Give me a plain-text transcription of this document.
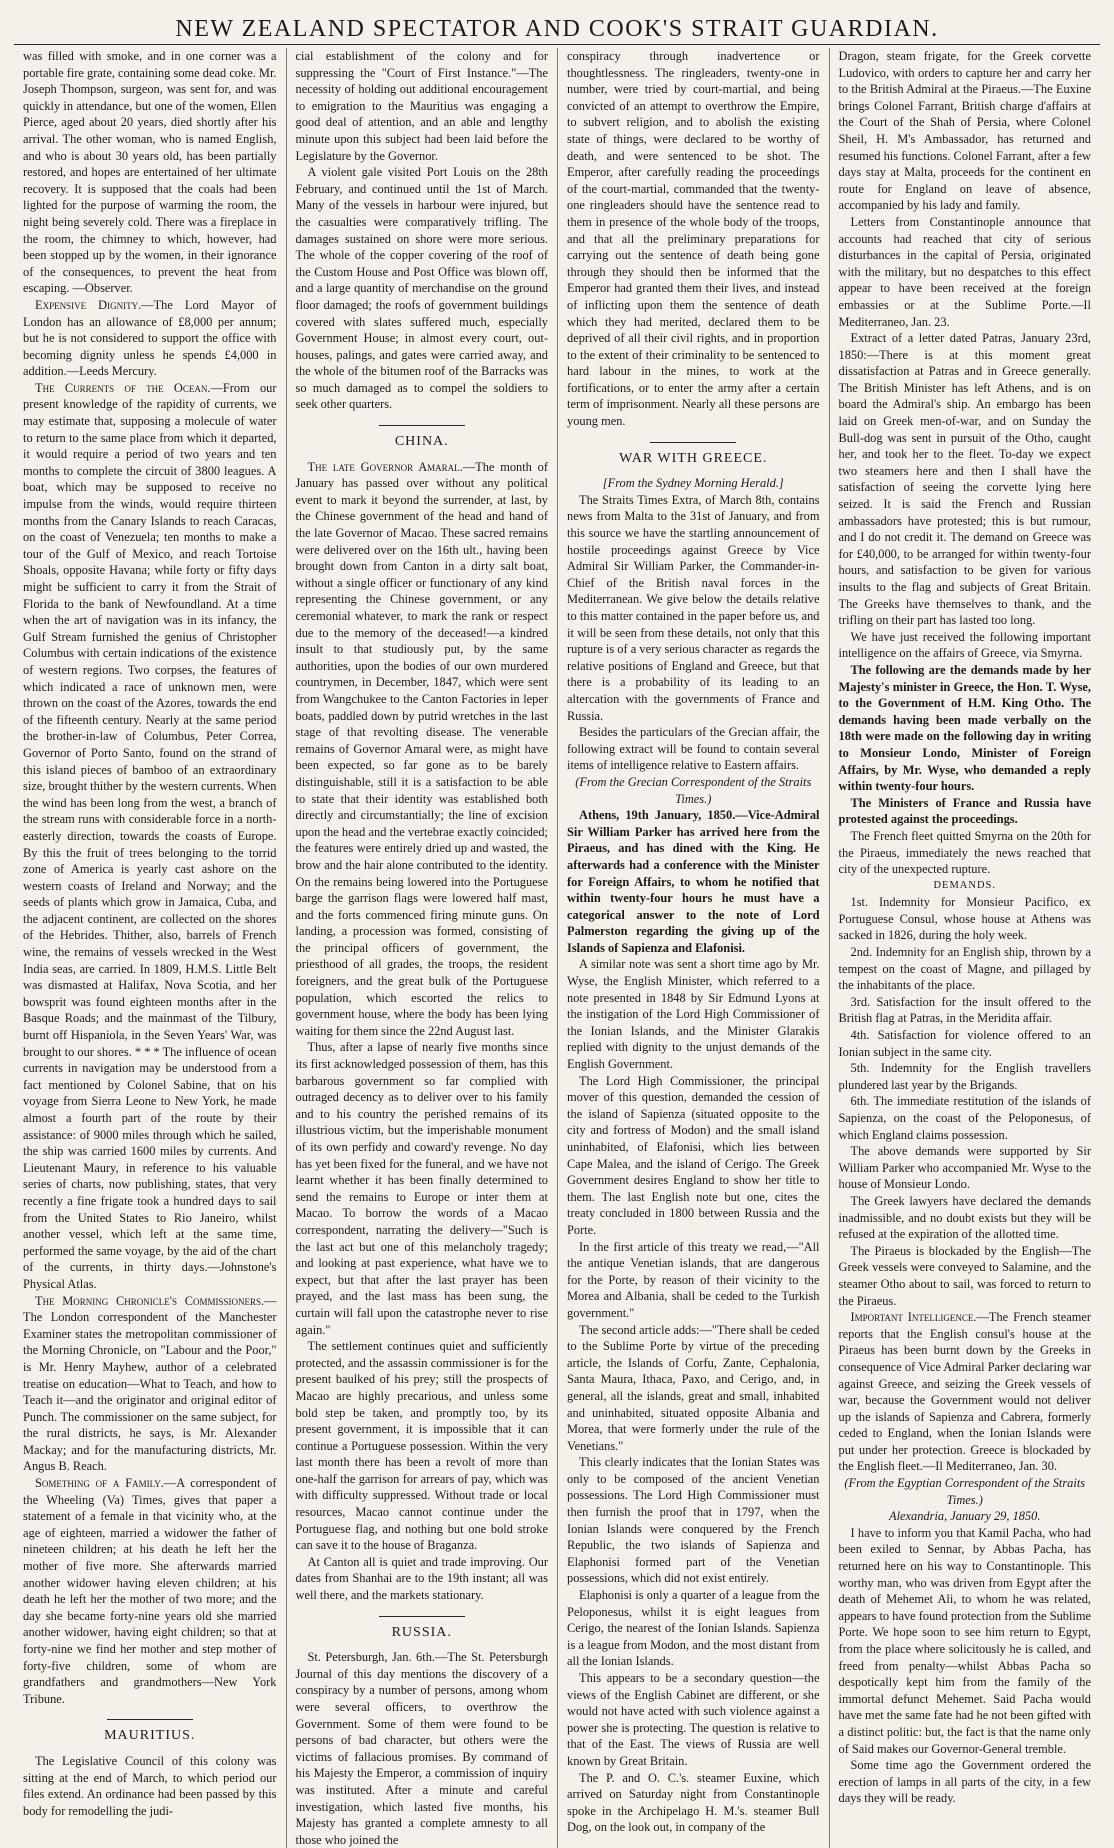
NEW ZEALAND SPECTATOR AND COOK'S STRAIT GUARDIAN.

was filled with smoke, and in one corner was a portable fire grate, containing some dead coke. Mr. Joseph Thompson, surgeon, was sent for, and was quickly in attendance, but one of the women, Ellen Pierce, aged about 20 years, died shortly after his arrival. The other woman, who is named English, and who is about 30 years old, has been partially restored, and hopes are entertained of her ultimate recovery. It is supposed that the coals had been lighted for the purpose of warming the room, the night being severely cold. There was a fireplace in the room, the chimney to which, however, had been stopped up by the women, in their ignorance of the consequences, to prevent the heat from escaping. —Observer.

Expensive Dignity.—The Lord Mayor of London has an allowance of £8,000 per annum; but he is not considered to support the office with becoming dignity unless he spends £4,000 in addition.—Leeds Mercury.

The Currents of the Ocean.—From our present knowledge of the rapidity of currents, we may estimate that, supposing a molecule of water to return to the same place from which it departed, it would require a period of two years and ten months to complete the circuit of 3800 leagues. A boat, which may be supposed to receive no impulse from the winds, would require thirteen months from the Canary Islands to reach Caracas, on the coast of Venezuela; ten months to make a tour of the Gulf of Mexico, and reach Tortoise Shoals, opposite Havana; while forty or fifty days might be sufficient to carry it from the Strait of Florida to the bank of Newfoundland. At a time when the art of navigation was in its infancy, the Gulf Stream furnished the genius of Christopher Columbus with certain indications of the existence of western regions. Two corpses, the features of which indicated a race of unknown men, were thrown on the coast of the Azores, towards the end of the fifteenth century. Nearly at the same period the brother-in-law of Columbus, Peter Correa, Governor of Porto Santo, found on the strand of this island pieces of bamboo of an extraordinary size, brought thither by the western currents. When the wind has been long from the west, a branch of the stream runs with considerable force in a north-easterly direction, towards the coasts of Europe. By this the fruit of trees belonging to the torrid zone of America is yearly cast ashore on the western coasts of Ireland and Norway; and the seeds of plants which grow in Jamaica, Cuba, and the adjacent continent, are collected on the shores of the Hebrides. Thither, also, barrels of French wine, the remains of vessels wrecked in the West India seas, are carried. In 1809, H.M.S. Little Belt was dismasted at Halifax, Nova Scotia, and her bowsprit was found eighteen months after in the Basque Roads; and the mainmast of the Tilbury, burnt off Hispaniola, in the Seven Years' War, was brought to our shores. * * * The influence of ocean currents in navigation may be understood from a fact mentioned by Colonel Sabine, that on his voyage from Sierra Leone to New York, he made almost a fourth part of the route by their assistance: of 9000 miles through which he sailed, the ship was carried 1600 miles by currents. And Lieutenant Maury, in reference to his valuable series of charts, now publishing, states, that very recently a fine frigate took a hundred days to sail from the United States to Rio Janeiro, whilst another vessel, which left at the same time, performed the same voyage, by the aid of the chart of the currents, in thirty days.—Johnstone's Physical Atlas.

The Morning Chronicle's Commissioners.—The London correspondent of the Manchester Examiner states the metropolitan commissioner of the Morning Chronicle, on "Labour and the Poor," is Mr. Henry Mayhew, author of a celebrated treatise on education—What to Teach, and how to Teach it—and the originator and original editor of Punch. The commissioner on the same subject, for the rural districts, he says, is Mr. Alexander Mackay; and for the manufacturing districts, Mr. Angus B. Reach.

Something of a Family.—A correspondent of the Wheeling (Va) Times, gives that paper a statement of a female in that vicinity who, at the age of eighteen, married a widower the father of nineteen children; at his death he left her the mother of five more. She afterwards married another widower having eleven children; at his death he left her the mother of two more; and the day she became forty-nine years old she married another widower, having eight children; so that at forty-nine we find her mother and step mother of forty-five children, some of whom are grandfathers and grandmothers—New York Tribune.

MAURITIUS.

The Legislative Council of this colony was sitting at the end of March, to which period our files extend. An ordinance had been passed by this body for remodelling the judi-

cial establishment of the colony and for suppressing the "Court of First Instance."—The necessity of holding out additional encouragement to emigration to the Mauritius was engaging a good deal of attention, and an able and lengthy minute upon this subject had been laid before the Legislature by the Governor.

A violent gale visited Port Louis on the 28th February, and continued until the 1st of March. Many of the vessels in harbour were injured, but the casualties were comparatively trifling. The damages sustained on shore were more serious. The whole of the copper covering of the roof of the Custom House and Post Office was blown off, and a large quantity of merchandise on the ground floor damaged; the roofs of government buildings covered with slates suffered much, especially Government House; in almost every court, out-houses, palings, and gates were carried away, and the whole of the bitumen roof of the Barracks was so much damaged as to compel the soldiers to seek other quarters.

CHINA.

The late Governor Amaral.—The month of January has passed over without any political event to mark it beyond the surrender, at last, by the Chinese government of the head and hand of the late Governor of Macao. These sacred remains were delivered over on the 16th ult., having been brought down from Canton in a dirty salt boat, without a single officer or functionary of any kind representing the Chinese government, or any ceremonial whatever, to mark the rank or respect due to the memory of the deceased!—a kindred insult to that studiously put, by the same authorities, upon the bodies of our own murdered countrymen, in December, 1847, which were sent from Wangchukee to the Canton Factories in leper boats, paddled down by putrid wretches in the last stage of that revolting disease. The venerable remains of Governor Amaral were, as might have been expected, so far gone as to be barely distinguishable, still it is a satisfaction to be able to state that their identity was established both directly and circumstantially; the line of excision upon the head and the vertebrae exactly coincided; the features were entirely dried up and wasted, the brow and the hair alone contributed to the identity. On the remains being lowered into the Portuguese barge the garrison flags were lowered half mast, and the forts commenced firing minute guns. On landing, a procession was formed, consisting of the principal officers of government, the priesthood of all grades, the troops, the resident foreigners, and the great bulk of the Portuguese population, which escorted the relics to government house, where the body has been lying waiting for them since the 22nd August last.

Thus, after a lapse of nearly five months since its first acknowledged possession of them, has this barbarous government so far complied with outraged decency as to deliver over to his family and to his country the perished remains of its illustrious victim, but the imperishable monument of its own perfidy and coward'y revenge. No day has yet been fixed for the funeral, and we have not learnt whether it has been finally determined to send the remains to Europe or inter them at Macao. To borrow the words of a Macao correspondent, narrating the delivery—"Such is the last act but one of this melancholy tragedy; and looking at past experience, what have we to expect, but that after the last prayer has been prayed, and the last mass has been sung, the curtain will fall upon the catastrophe never to rise again."

The settlement continues quiet and sufficiently protected, and the assassin commissioner is for the present baulked of his prey; still the prospects of Macao are highly precarious, and unless some bold step be taken, and promptly too, by its present government, it is impossible that it can continue a Portuguese possession. Within the very last month there has been a revolt of more than one-half the garrison for arrears of pay, which was with difficulty suppressed. Without trade or local resources, Macao cannot continue under the Portuguese flag, and nothing but one bold stroke can save it to the house of Braganza.

At Canton all is quiet and trade improving. Our dates from Shanhai are to the 19th instant; all was well there, and the markets stationary.

RUSSIA.

St. Petersburgh, Jan. 6th.—The St. Petersburgh Journal of this day mentions the discovery of a conspiracy by a number of persons, among whom were several officers, to overthrow the Government. Some of them were found to be persons of bad character, but others were the victims of fallacious promises. By command of his Majesty the Emperor, a commission of inquiry was instituted. After a minute and careful investigation, which lasted five months, his Majesty has granted a complete amnesty to all those who joined the

conspiracy through inadvertence or thoughtlessness. The ringleaders, twenty-one in number, were tried by court-martial, and being convicted of an attempt to overthrow the Empire, to subvert religion, and to abolish the existing state of things, were declared to be worthy of death, and were sentenced to be shot. The Emperor, after carefully reading the proceedings of the court-martial, commanded that the twenty-one ringleaders should have the sentence read to them in presence of the whole body of the troops, and that all the preliminary preparations for carrying out the sentence of death being gone through they should then be informed that the Emperor had granted them their lives, and instead of inflicting upon them the sentence of death which they had merited, declared them to be deprived of all their civil rights, and in proportion to the extent of their criminality to be sentenced to hard labour in the mines, to work at the fortifications, or to enter the army after a certain term of imprisonment. Nearly all these persons are young men.

WAR WITH GREECE.

[From the Sydney Morning Herald.]

The Straits Times Extra, of March 8th, contains news from Malta to the 31st of January, and from this source we have the startling announcement of hostile proceedings against Greece by Vice Admiral Sir William Parker, the Commander-in-Chief of the British naval forces in the Mediterranean. We give below the details relative to this matter contained in the paper before us, and it will be seen from these details, not only that this rupture is of a very serious character as regards the relative positions of England and Greece, but that there is a probability of its leading to an altercation with the governments of France and Russia.

Besides the particulars of the Grecian affair, the following extract will be found to contain several items of intelligence relative to Eastern affairs.

(From the Grecian Correspondent of the Straits Times.)

Athens, 19th January, 1850.—Vice-Admiral Sir William Parker has arrived here from the Piraeus, and has dined with the King. He afterwards had a conference with the Minister for Foreign Affairs, to whom he notified that within twenty-four hours he must have a categorical answer to the note of Lord Palmerston regarding the giving up of the Islands of Sapienza and Elafonisi.

A similar note was sent a short time ago by Mr. Wyse, the English Minister, which referred to a note presented in 1848 by Sir Edmund Lyons at the instigation of the Lord High Commissioner of the Ionian Islands, and the Minister Glarakis replied with dignity to the unjust demands of the English Government.

The Lord High Commissioner, the principal mover of this question, demanded the cession of the island of Sapienza (situated opposite to the city and fortress of Modon) and the small island uninhabited, of Elafonisi, which lies between Cape Malea, and the island of Cerigo. The Greek Government desires England to show her title to them. The last English note but one, cites the treaty concluded in 1800 between Russia and the Porte.

In the first article of this treaty we read,—"All the antique Venetian islands, that are dangerous for the Porte, by reason of their vicinity to the Morea and Albania, shall be ceded to the Turkish government."

The second article adds:—"There shall be ceded to the Sublime Porte by virtue of the preceding article, the Islands of Corfu, Zante, Cephalonia, Santa Maura, Ithaca, Paxo, and Cerigo, and, in general, all the islands, great and small, inhabited and uninhabited, situated opposite Albania and Morea, that were formerly under the rule of the Venetians."

This clearly indicates that the Ionian States was only to be composed of the ancient Venetian possessions. The Lord High Commissioner must then furnish the proof that in 1797, when the Ionian Islands were conquered by the French Republic, the two islands of Sapienza and Elaphonisi formed part of the Venetian possessions, which did not exist entirely.

Elaphonisi is only a quarter of a league from the Peloponesus, whilst it is eight leagues from Cerigo, the nearest of the Ionian Islands. Sapienza is a league from Modon, and the most distant from all the Ionian Islands.

This appears to be a secondary question—the views of the English Cabinet are different, or she would not have acted with such violence against a power she is protecting. The question is relative to that of the East. The views of Russia are well known by Great Britain.

The P. and O. C.'s. steamer Euxine, which arrived on Saturday night from Constantinople spoke in the Archipelago H. M.'s. steamer Bull Dog, on the look out, in company of the

Dragon, steam frigate, for the Greek corvette Ludovico, with orders to capture her and carry her to the British Admiral at the Piraeus.—The Euxine brings Colonel Farrant, British charge d'affairs at the Court of the Shah of Persia, where Colonel Sheil, H. M's Ambassador, has returned and resumed his functions. Colonel Farrant, after a few days stay at Malta, proceeds for the continent en route for England on leave of absence, accompanied by his lady and family.

Letters from Constantinople announce that accounts had reached that city of serious disturbances in the capital of Persia, originated with the military, but no despatches to this effect appear to have been received at the foreign embassies or at the Sublime Porte.—Il Mediterraneo, Jan. 23.

Extract of a letter dated Patras, January 23rd, 1850:—There is at this moment great dissatisfaction at Patras and in Greece generally. The British Minister has left Athens, and is on board the Admiral's ship. An embargo has been laid on Greek men-of-war, and on Sunday the Bull-dog was sent in pursuit of the Otho, caught her, and took her to the fleet. To-day we expect two steamers here and then I shall have the satisfaction of seeing the corvette lying here seized. It is said the French and Russian ambassadors have protested; this is but rumour, and I do not credit it. The demand on Greece was for £40,000, to be arranged for within twenty-four hours, and satisfaction to be given for various insults to the flag and subjects of Great Britain. The Greeks have themselves to thank, and the trifling on their part has lasted too long.

We have just received the following important intelligence on the affairs of Greece, via Smyrna.

The following are the demands made by her Majesty's minister in Greece, the Hon. T. Wyse, to the Government of H.M. King Otho. The demands having been made verbally on the 18th were made on the following day in writing to Monsieur Londo, Minister of Foreign Affairs, by Mr. Wyse, who demanded a reply within twenty-four hours.

The Ministers of France and Russia have protested against the proceedings.

The French fleet quitted Smyrna on the 20th for the Piraeus, immediately the news reached that city of the unexpected rupture.

DEMANDS.

1st. Indemnity for Monsieur Pacifico, ex Portuguese Consul, whose house at Athens was sacked in 1826, during the holy week.

2nd. Indemnity for an English ship, thrown by a tempest on the coast of Magne, and pillaged by the inhabitants of the place.

3rd. Satisfaction for the insult offered to the British flag at Patras, in the Meridita affair.

4th. Satisfaction for violence offered to an Ionian subject in the same city.

5th. Indemnity for the English travellers plundered last year by the Brigands.

6th. The immediate restitution of the islands of Sapienza, on the coast of the Peloponesus, of which England claims possession.

The above demands were supported by Sir William Parker who accompanied Mr. Wyse to the house of Monsieur Londo.

The Greek lawyers have declared the demands inadmissible, and no doubt exists but they will be refused at the expiration of the allotted time.

The Piraeus is blockaded by the English—The Greek vessels were conveyed to Salamine, and the steamer Otho about to sail, was forced to return to the Piraeus.

Important Intelligence.—The French steamer reports that the English consul's house at the Piraeus has been burnt down by the Greeks in consequence of Vice Admiral Parker declaring war against Greece, and seizing the Greek vessels of war, because the Government would not deliver up the islands of Sapienza and Cabrera, formerly ceded to England, when the Ionian Islands were put under her protection. Greece is blockaded by the English fleet.—Il Mediterraneo, Jan. 30.

(From the Egyptian Correspondent of the Straits Times.)

Alexandria, January 29, 1850.

I have to inform you that Kamil Pacha, who had been exiled to Sennar, by Abbas Pacha, has returned here on his way to Constantinople. This worthy man, who was driven from Egypt after the death of Mehemet Ali, to whom he was related, appears to have found protection from the Sublime Porte. We hope soon to see him return to Egypt, from the place where solicitously he is called, and freed from penalty—whilst Abbas Pacha so despotically kept him from the family of the immortal defunct Mehemet. Said Pacha would have met the same fate had he not been gifted with a distinct politic: but, the fact is that the name only of Said makes our Governor-General tremble.

Some time ago the Government ordered the erection of lamps in all parts of the city, in a few days they will be ready.
